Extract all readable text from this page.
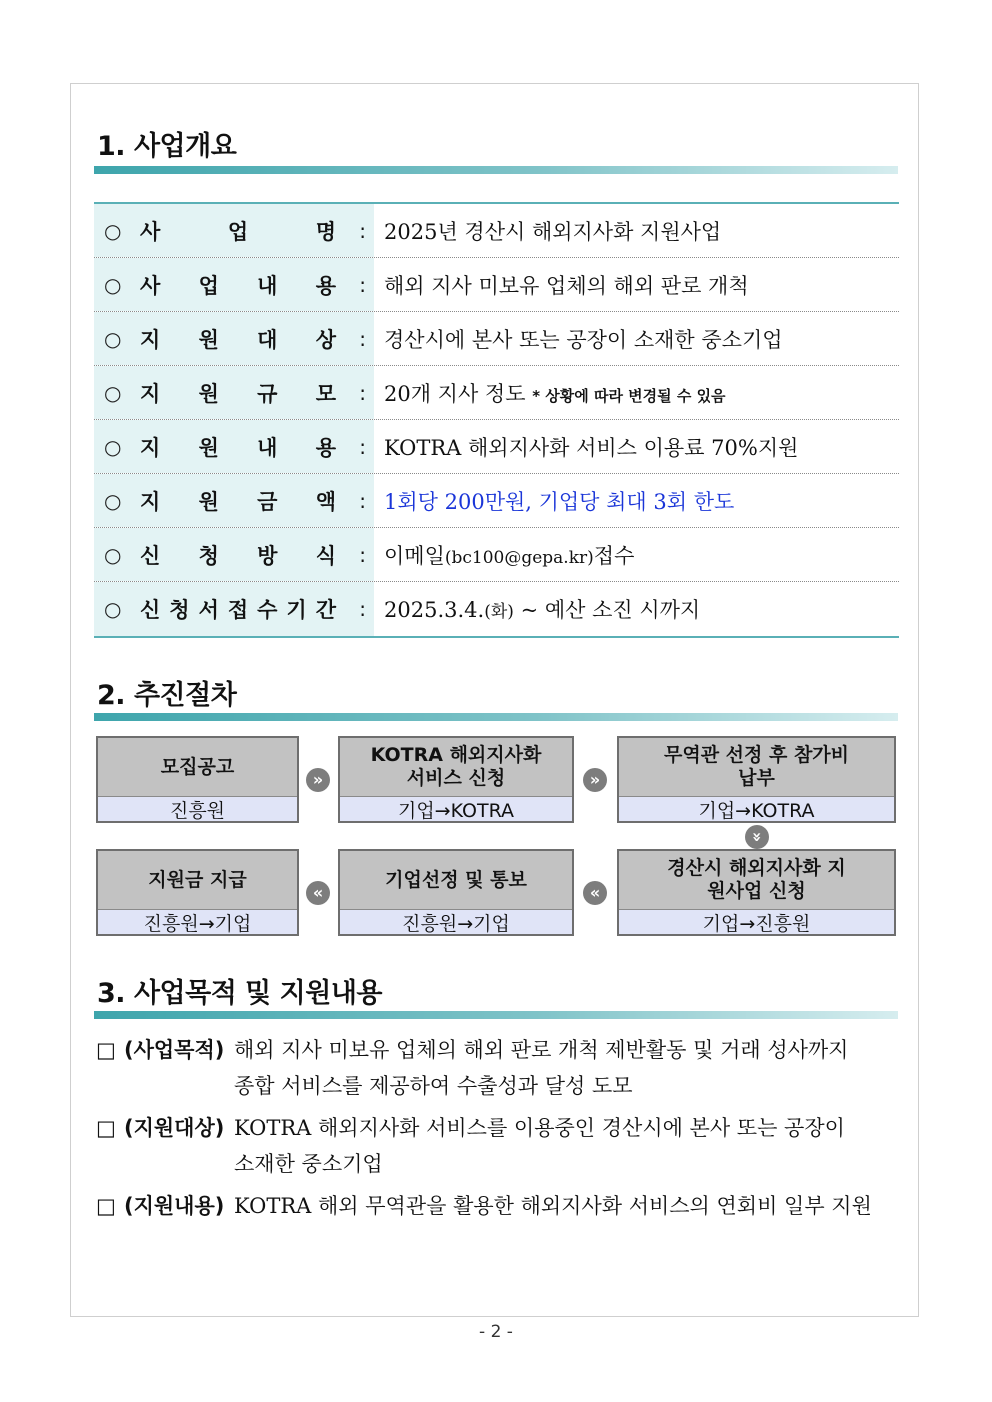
1. 사업개요
○ 사	업	명 : 2025년 경산시 해외지사화 지원사업
○ 사 업 내 용 : 해외 지사 미보유 업체의 해외 판로 개척
○ 지 원 대 상 : 경산시에 본사 또는 공장이 소재한 중소기업
○ 지 원 규 모 : 20개 지사 정도 * 상황에 따라 변경될 수 있음
○ 지 원 내 용 : KOTRA 해외지사화 서비스 이용료 70%지원
○ 지 원 금 액 : 1회당 200만원, 기업당 최대 3회 한도
○ 신 청 방 식 : 이메일(bc100@gepa.kr)접수
○ 신 청 서 접 수 기 간 : 2025.3.4.(화) ~ 예산 소진 시까지
2. 추진절차
모집공고
진흥원
»
KOTRA 해외지사화 서비스 신청
기업→KOTRA
»
무역관 선정 후 참가비 납부
기업→KOTRA
»
경산시 해외지사화 지원사업 신청
기업→진흥원
«
기업선정 및 통보
진흥원→기업
«
지원금 지급
진흥원→기업
3. 사업목적 및 지원내용
□ (사업목적) 해외 지사 미보유 업체의 해외 판로 개척 제반활동 및 거래 성사까지
종합 서비스를 제공하여 수출성과 달성 도모
□ (지원대상) KOTRA 해외지사화 서비스를 이용중인 경산시에 본사 또는 공장이
소재한 중소기업
□ (지원내용) KOTRA 해외 무역관을 활용한 해외지사화 서비스의 연회비 일부 지원
- 2 -
